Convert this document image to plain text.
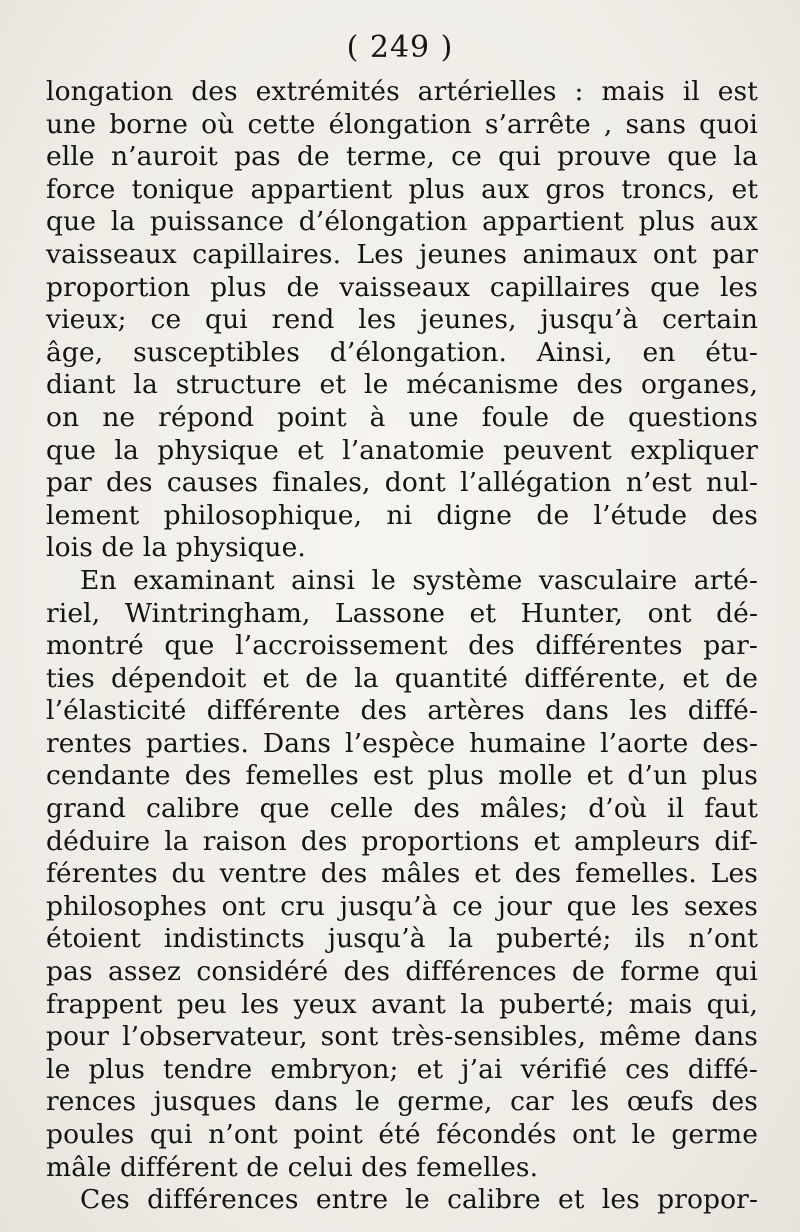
( 249 )
longation des extrémités artérielles : mais il est
une borne où cette élongation s’arrête , sans quoi
elle n’auroit pas de terme, ce qui prouve que la
force tonique appartient plus aux gros troncs, et
que la puissance d’élongation appartient plus aux
vaisseaux capillaires. Les jeunes animaux ont par
proportion plus de vaisseaux capillaires que les
vieux; ce qui rend les jeunes, jusqu’à certain
âge, susceptibles d’élongation. Ainsi, en étu-
diant la structure et le mécanisme des organes,
on ne répond point à une foule de questions
que la physique et l’anatomie peuvent expliquer
par des causes finales, dont l’allégation n’est nul-
lement philosophique, ni digne de l’étude des
lois de la physique.
En examinant ainsi le système vasculaire arté-
riel, Wintringham, Lassone et Hunter, ont dé-
montré que l’accroissement des différentes par-
ties dépendoit et de la quantité différente, et de
l’élasticité différente des artères dans les diffé-
rentes parties. Dans l’espèce humaine l’aorte des-
cendante des femelles est plus molle et d’un plus
grand calibre que celle des mâles; d’où il faut
déduire la raison des proportions et ampleurs dif-
férentes du ventre des mâles et des femelles. Les
philosophes ont cru jusqu’à ce jour que les sexes
étoient indistincts jusqu’à la puberté; ils n’ont
pas assez considéré des différences de forme qui
frappent peu les yeux avant la puberté; mais qui,
pour l’observateur, sont très-sensibles, même dans
le plus tendre embryon; et j’ai vérifié ces diffé-
rences jusques dans le germe, car les œufs des
poules qui n’ont point été fécondés ont le germe
mâle différent de celui des femelles.
Ces différences entre le calibre et les propor-
